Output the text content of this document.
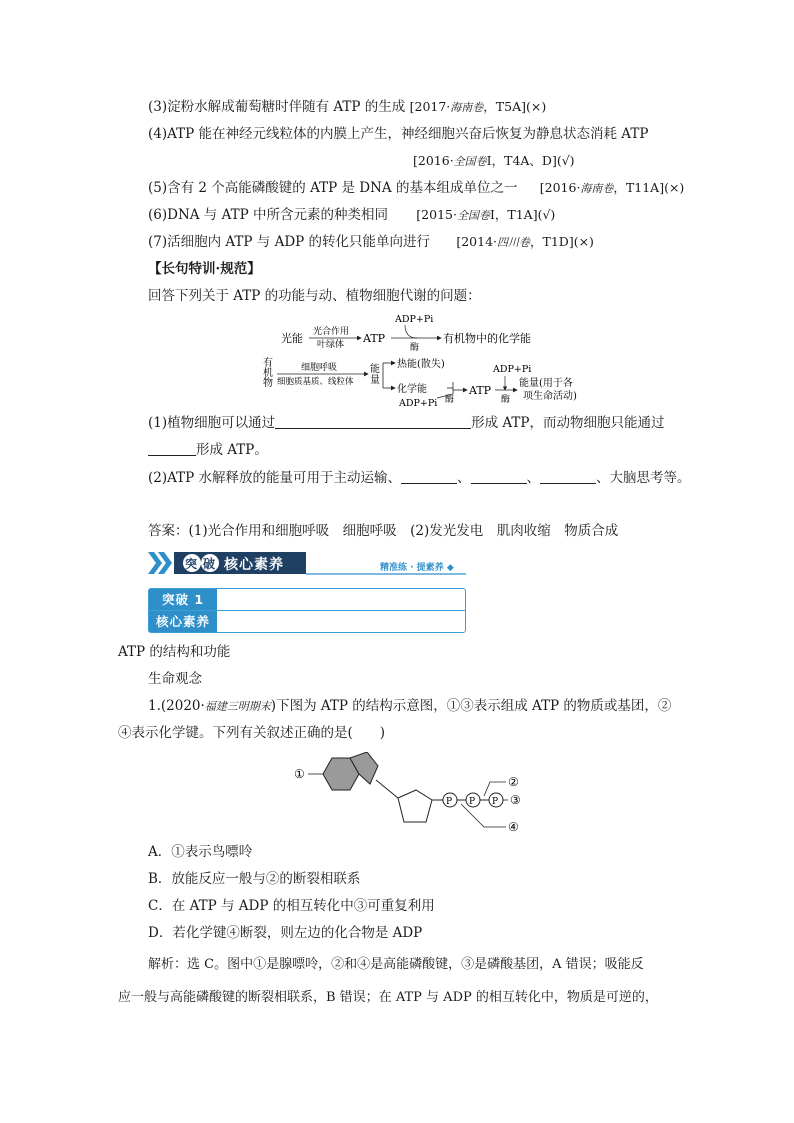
(3)淀粉水解成葡萄糖时伴随有 ATP 的生成 [2017·海南卷，T5A](×)
(4)ATP 能在神经元线粒体的内膜上产生，神经细胞兴奋后恢复为静息状态消耗 ATP
[2016·全国卷Ⅰ，T4A、D](√)
(5)含有 2 个高能磷酸键的 ATP 是 DNA 的基本组成单位之一 [2016·海南卷，T11A](×)
(6)DNA 与 ATP 中所含元素的种类相同 [2015·全国卷Ⅰ，T1A](√)
(7)活细胞内 ATP 与 ADP 的转化只能单向进行 [2014·四川卷，T1D](×)
【长句特训·规范】
回答下列关于 ATP 的功能与动、植物细胞代谢的问题：
光能 光合作用
叶绿体 ATP
ADP+Pi
酶
有机物中的化学能
有
机
物
细胞呼吸
细胞质基质、线粒体
能
量
热能(散失)
化学能
ADP+Pi 酶
ATP
ADP+Pi
酶
能量(用于各
项生命活动)
(1)植物细胞可以通过	形成 ATP，而动物细胞只能通过
形成 ATP。
(2)ATP 水解释放的能量可用于主动运输、	、	、	、大脑思考等。
答案：(1)光合作用和细胞呼吸　细胞呼吸　(2)发光发电　肌肉收缩　物质合成
突 破 核心素养	精准练 · 提素养 ◆
突破 1
核心素养
ATP 的结构和功能
生命观念
1.(2020·福建三明期末)下图为 ATP 的结构示意图，①③表示组成 ATP 的物质或基团，②
④表示化学键。下列有关叙述正确的是(　　)
①
P P P
②
③
④
A．①表示鸟嘌呤
B．放能反应一般与②的断裂相联系
C．在 ATP 与 ADP 的相互转化中③可重复利用
D．若化学键④断裂，则左边的化合物是 ADP
解析：选 C。图中①是腺嘌呤，②和④是高能磷酸键，③是磷酸基团，A 错误；吸能反
应一般与高能磷酸键的断裂相联系，B 错误；在 ATP 与 ADP 的相互转化中，物质是可逆的，
